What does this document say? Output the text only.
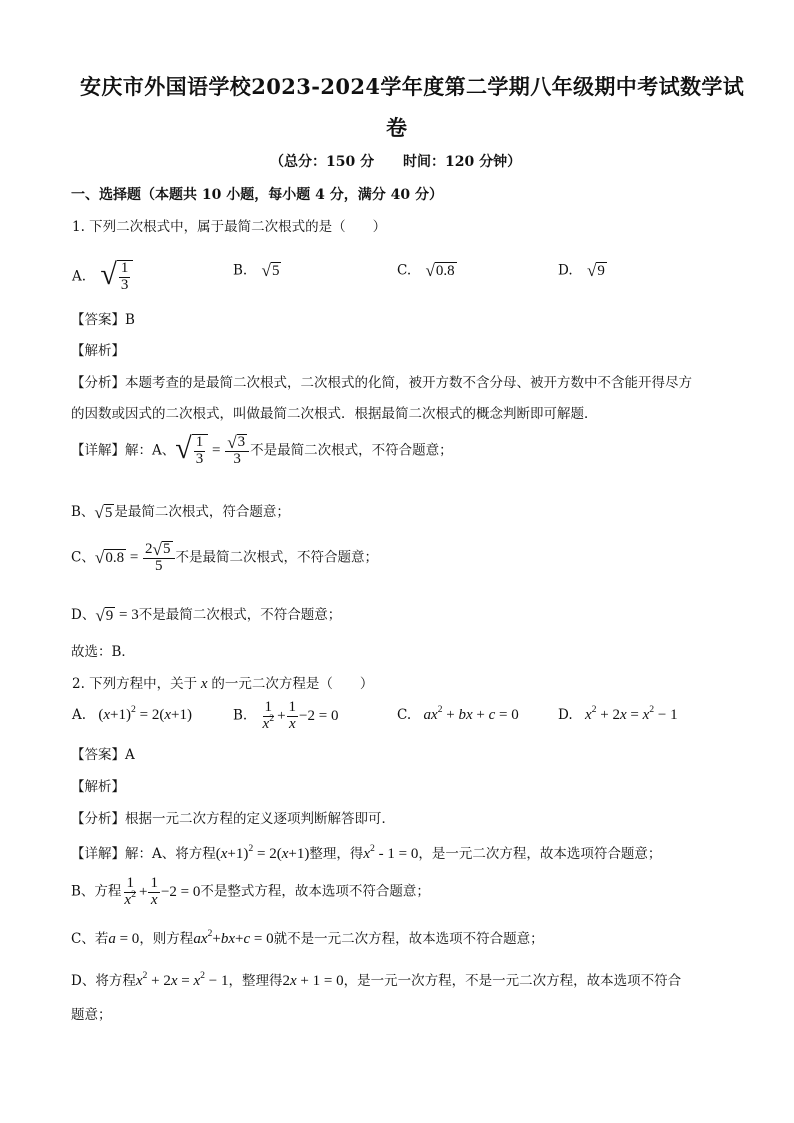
安庆市外国语学校2023-2024学年度第二学期八年级期中考试数学试
卷
（总分：150 分 时间：120 分钟）
一、选择题（本题共 10 小题，每小题 4 分，满分 40 分）
1. 下列二次根式中，属于最简二次根式的是（　　）
A. √ $\frac{1}{3}$	B. √ 5	C. √ 0.8	D. √ 9
【答案】B
【解析】
【分析】本题考查的是最简二次根式，二次根式的化简，被开方数不含分母、被开方数中不含能开得尽方
的因数或因式的二次根式，叫做最简二次根式．根据最简二次根式的概念判断即可解题．
【详解】解：A、 √ $\frac{1}{3} = \frac{√ 3}{3}$ 不是最简二次根式，不符合题意；
B、 √ 5 是最简二次根式，符合题意；
C、 √ $0.8 = \frac{2 √ 5}{5}$ 不是最简二次根式，不符合题意；
D、 √ 9 = 3不是最简二次根式，不符合题意；
故选：B．
2. 下列方程中，关于 x 的一元二次方程是（　　）
A. $(x+1)^2 = 2(x+1)$	B. $\frac{1}{x^2} + \frac{1}{x} -2 = 0$	C. $ax^2$ + bx + c = 0	D. $x^2 + 2x = x^2 - 1$
【答案】A
【解析】
【分析】根据一元二次方程的定义逐项判断解答即可．
【详解】解：A、将方程$(x+1)^2 = 2(x+1)$整理，得$x^2 - 1 = 0$，是一元二次方程，故本选项符合题意；
B、方程 $\frac{1}{x^2} + \frac{1}{x} -2 = 0$不是整式方程，故本选项不符合题意；
C、若a = 0，则方程$ax^2+bx+c = 0$就不是一元二次方程，故本选项不符合题意；
D、将方程$x^2 + 2x = x^2 - 1$，整理得2x + 1 = 0，是一元一次方程，不是一元二次方程，故本选项不符合
题意；
